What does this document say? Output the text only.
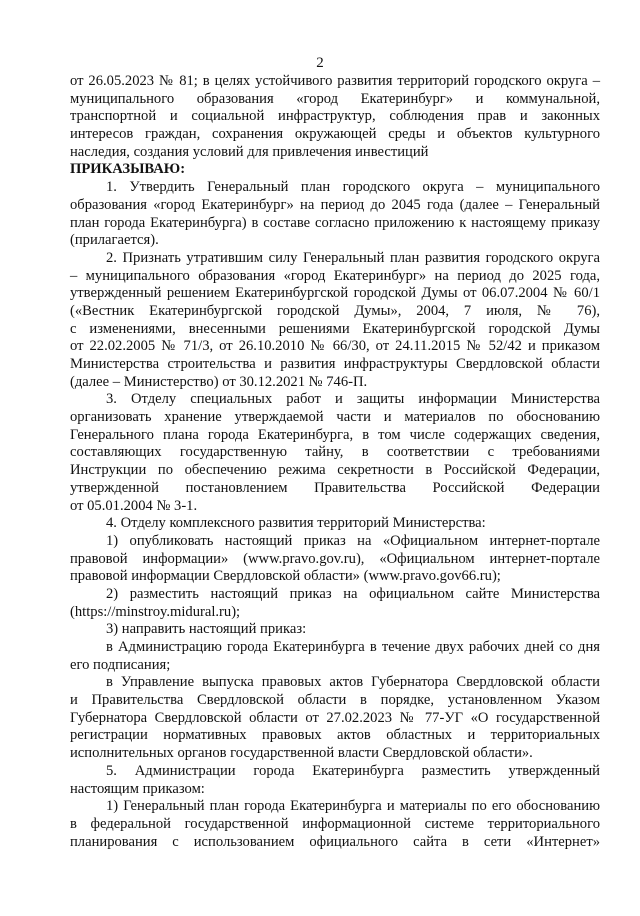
2
от 26.05.2023 № 81; в целях устойчивого развития территорий городского округа –
муниципального образования «город Екатеринбург» и коммунальной,
транспортной и социальной инфраструктур, соблюдения прав и законных
интересов граждан, сохранения окружающей среды и объектов культурного
наследия, создания условий для привлечения инвестиций
ПРИКАЗЫВАЮ:
1. Утвердить Генеральный план городского округа – муниципального
образования «город Екатеринбург» на период до 2045 года (далее – Генеральный
план города Екатеринбурга) в составе согласно приложению к настоящему приказу
(прилагается).
2. Признать утратившим силу Генеральный план развития городского округа
– муниципального образования «город Екатеринбург» на период до 2025 года,
утвержденный решением Екатеринбургской городской Думы от 06.07.2004 № 60/1
(«Вестник Екатеринбургской городской Думы», 2004, 7 июля, № 76),
с изменениями, внесенными решениями Екатеринбургской городской Думы
от 22.02.2005 № 71/3, от 26.10.2010 № 66/30, от 24.11.2015 № 52/42 и приказом
Министерства строительства и развития инфраструктуры Свердловской области
(далее – Министерство) от 30.12.2021 № 746-П.
3. Отделу специальных работ и защиты информации Министерства
организовать хранение утверждаемой части и материалов по обоснованию
Генерального плана города Екатеринбурга, в том числе содержащих сведения,
составляющих государственную тайну, в соответствии с требованиями
Инструкции по обеспечению режима секретности в Российской Федерации,
утвержденной постановлением Правительства Российской Федерации
от 05.01.2004 № 3-1.
4. Отделу комплексного развития территорий Министерства:
1) опубликовать настоящий приказ на «Официальном интернет-портале
правовой информации» (www.pravo.gov.ru), «Официальном интернет-портале
правовой информации Свердловской области» (www.pravo.gov66.ru);
2) разместить настоящий приказ на официальном сайте Министерства
(https://minstroy.midural.ru);
3) направить настоящий приказ:
в Администрацию города Екатеринбурга в течение двух рабочих дней со дня
его подписания;
в Управление выпуска правовых актов Губернатора Свердловской области
и Правительства Свердловской области в порядке, установленном Указом
Губернатора Свердловской области от 27.02.2023 № 77-УГ «О государственной
регистрации нормативных правовых актов областных и территориальных
исполнительных органов государственной власти Свердловской области».
5. Администрации города Екатеринбурга разместить утвержденный
настоящим приказом:
1) Генеральный план города Екатеринбурга и материалы по его обоснованию
в федеральной государственной информационной системе территориального
планирования с использованием официального сайта в сети «Интернет»
